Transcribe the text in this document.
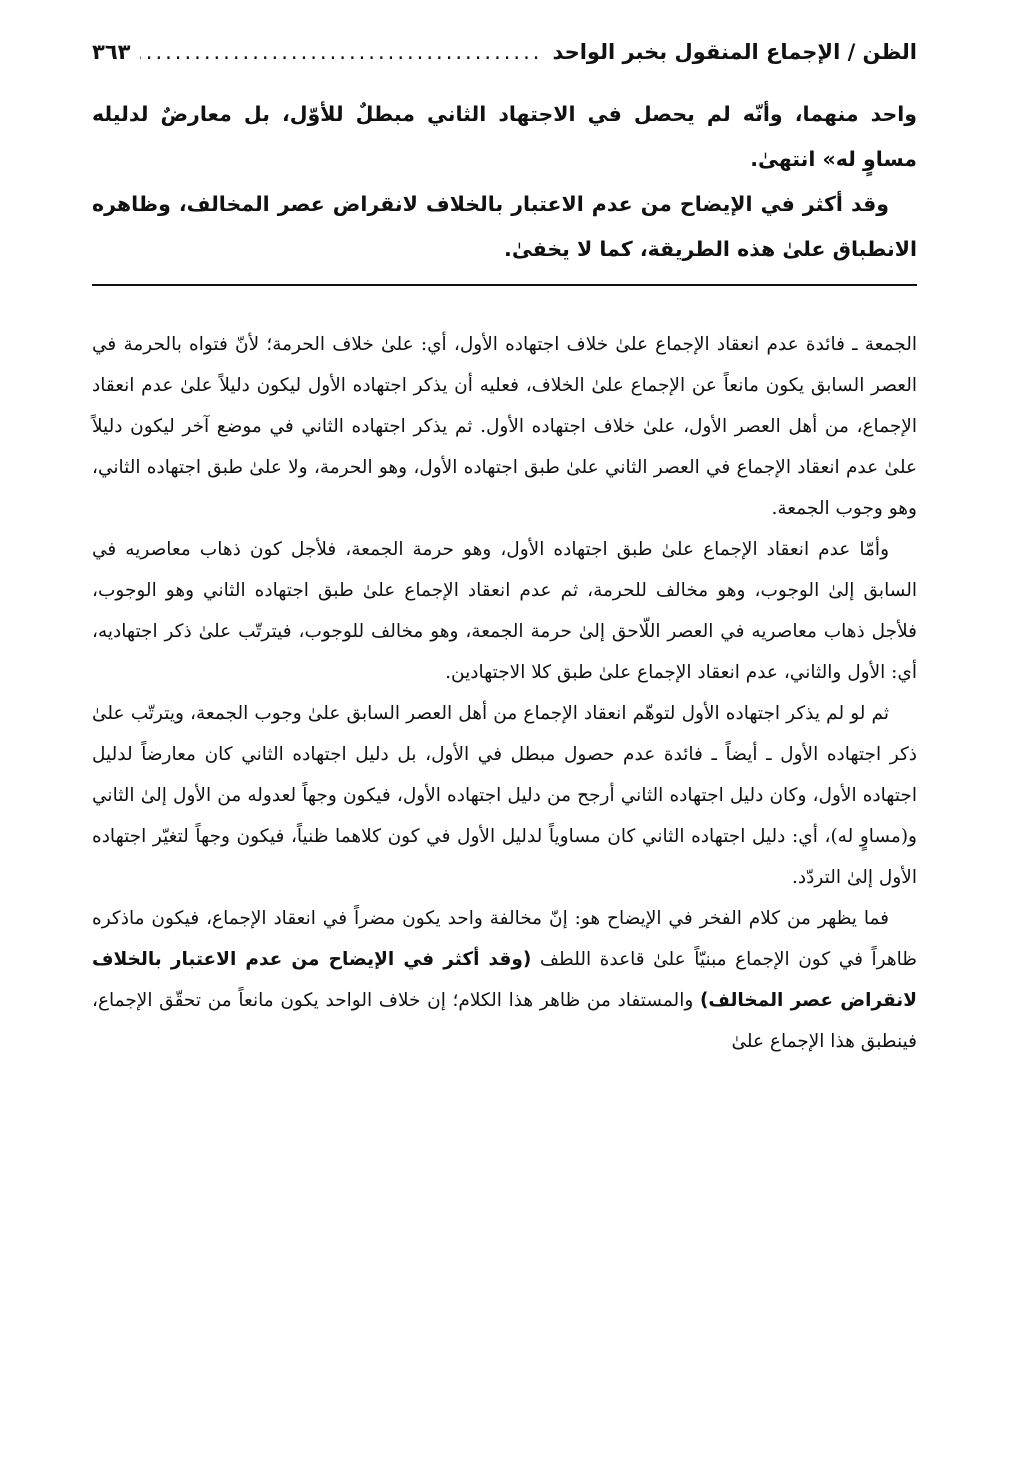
الظن / الإجماع المنقول بخبر الواحد
.....
٣٦٣

واحد منهما، وأنّه لم يحصل في الاجتهاد الثاني مبطلٌ للأوّل، بل معارضٌ لدليله مساوٍ له» انتهىٰ.

وقد أكثر في الإيضاح من عدم الاعتبار بالخلاف لانقراض عصر المخالف، وظاهره الانطباق علىٰ هذه الطريقة، كما لا يخفىٰ.

الجمعة ـ فائدة عدم انعقاد الإجماع علىٰ خلاف اجتهاده الأول، أي: علىٰ خلاف الحرمة؛ لأنّ فتواه بالحرمة في العصر السابق يكون مانعاً عن الإجماع علىٰ الخلاف، فعليه أن يذكر اجتهاده الأول ليكون دليلاً علىٰ عدم انعقاد الإجماع، من أهل العصر الأول، علىٰ خلاف اجتهاده الأول. ثم يذكر اجتهاده الثاني في موضع آخر ليكون دليلاً علىٰ عدم انعقاد الإجماع في العصر الثاني علىٰ طبق اجتهاده الأول، وهو الحرمة، ولا علىٰ طبق اجتهاده الثاني، وهو وجوب الجمعة.

وأمّا عدم انعقاد الإجماع علىٰ طبق اجتهاده الأول، وهو حرمة الجمعة، فلأجل كون ذهاب معاصريه في السابق إلىٰ الوجوب، وهو مخالف للحرمة، ثم عدم انعقاد الإجماع علىٰ طبق اجتهاده الثاني وهو الوجوب، فلأجل ذهاب معاصريه في العصر اللّاحق إلىٰ حرمة الجمعة، وهو مخالف للوجوب، فيترتّب علىٰ ذكر اجتهاديه، أي: الأول والثاني، عدم انعقاد الإجماع علىٰ طبق كلا الاجتهادين.

ثم لو لم يذكر اجتهاده الأول لتوهّم انعقاد الإجماع من أهل العصر السابق علىٰ وجوب الجمعة، ويترتّب علىٰ ذكر اجتهاده الأول ـ أيضاً ـ فائدة عدم حصول مبطل في الأول، بل دليل اجتهاده الثاني كان معارضاً لدليل اجتهاده الأول، وكان دليل اجتهاده الثاني أرجح من دليل اجتهاده الأول، فيكون وجهاً لعدوله من الأول إلىٰ الثاني و(مساوٍ له)، أي: دليل اجتهاده الثاني كان مساوياً لدليل الأول في كون كلاهما ظنياً، فيكون وجهاً لتغيّر اجتهاده الأول إلىٰ التردّد.

فما يظهر من كلام الفخر في الإيضاح هو: إنّ مخالفة واحد يكون مضراً في انعقاد الإجماع، فيكون ماذكره ظاهراً في كون الإجماع مبنيّاً علىٰ قاعدة اللطف (وقد أكثر في الإيضاح من عدم الاعتبار بالخلاف لانقراض عصر المخالف) والمستفاد من ظاهر هذا الكلام؛ إن خلاف الواحد يكون مانعاً من تحقّق الإجماع، فينطبق هذا الإجماع علىٰ
